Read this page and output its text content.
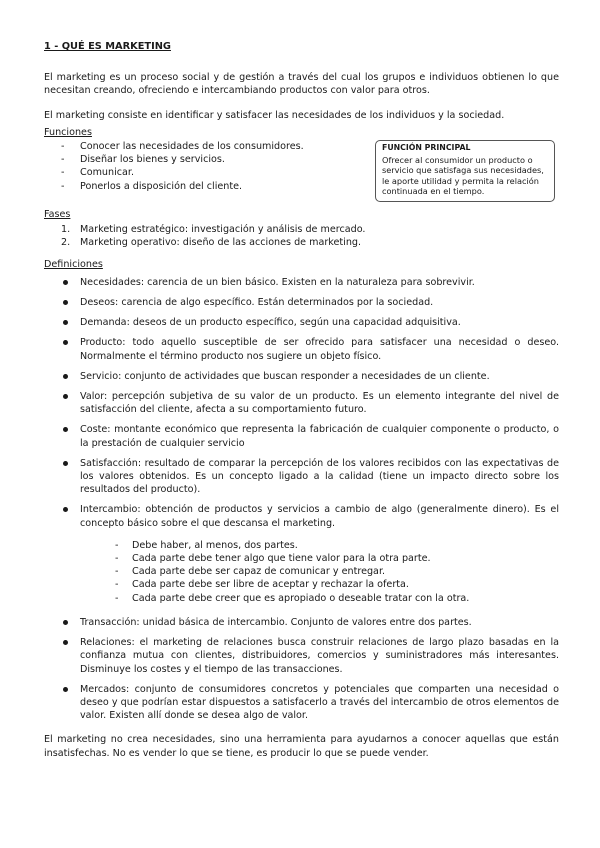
1 - QUÉ ES MARKETING

El marketing es un proceso social y de gestión a través del cual los grupos e individuos obtienen lo que necesitan creando, ofreciendo e intercambiando productos con valor para otros.

El marketing consiste en identificar y satisfacer las necesidades de los individuos y la sociedad.

Funciones
- Conocer las necesidades de los consumidores.
- Diseñar los bienes y servicios.
- Comunicar.
- Ponerlos a disposición del cliente.
FUNCIÓN PRINCIPAL
Ofrecer al consumidor un producto o servicio que satisfaga sus necesidades, le aporte utilidad y permita la relación continuada en el tiempo.
Fases
1. Marketing estratégico: investigación y análisis de mercado.
2. Marketing operativo: diseño de las acciones de marketing.
Definiciones
Necesidades: carencia de un bien básico. Existen en la naturaleza para sobrevivir.
Deseos: carencia de algo específico. Están determinados por la sociedad.
Demanda: deseos de un producto específico, según una capacidad adquisitiva.
Producto: todo aquello susceptible de ser ofrecido para satisfacer una necesidad o deseo. Normalmente el término producto nos sugiere un objeto físico.
Servicio: conjunto de actividades que buscan responder a necesidades de un cliente.
Valor: percepción subjetiva de su valor de un producto. Es un elemento integrante del nivel de satisfacción del cliente, afecta a su comportamiento futuro.
Coste: montante económico que representa la fabricación de cualquier componente o producto, o la prestación de cualquier servicio
Satisfacción: resultado de comparar la percepción de los valores recibidos con las expectativas de los valores obtenidos. Es un concepto ligado a la calidad (tiene un impacto directo sobre los resultados del producto).
Intercambio: obtención de productos y servicios a cambio de algo (generalmente dinero). Es el concepto básico sobre el que descansa el marketing.
- Debe haber, al menos, dos partes.
- Cada parte debe tener algo que tiene valor para la otra parte.
- Cada parte debe ser capaz de comunicar y entregar.
- Cada parte debe ser libre de aceptar y rechazar la oferta.
- Cada parte debe creer que es apropiado o deseable tratar con la otra.
Transacción: unidad básica de intercambio. Conjunto de valores entre dos partes.
Relaciones: el marketing de relaciones busca construir relaciones de largo plazo basadas en la confianza mutua con clientes, distribuidores, comercios y suministradores más interesantes. Disminuye los costes y el tiempo de las transacciones.
Mercados: conjunto de consumidores concretos y potenciales que comparten una necesidad o deseo y que podrían estar dispuestos a satisfacerlo a través del intercambio de otros elementos de valor. Existen allí donde se desea algo de valor.

El marketing no crea necesidades, sino una herramienta para ayudarnos a conocer aquellas que están insatisfechas. No es vender lo que se tiene, es producir lo que se puede vender.
